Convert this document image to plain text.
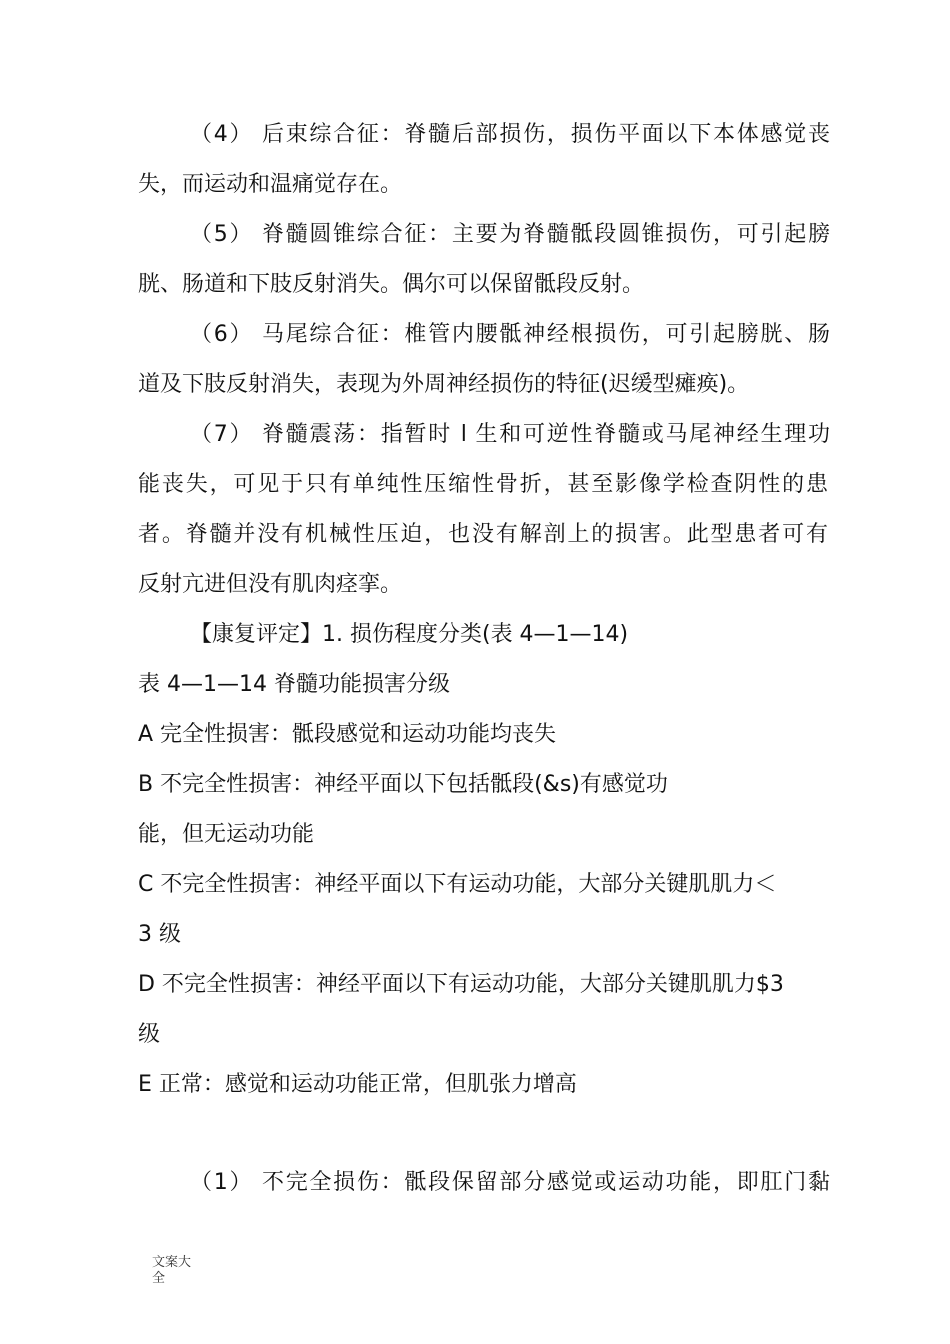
（4） 后束综合征：脊髓后部损伤，损伤平面以下本体感觉丧
失，而运动和温痛觉存在。
（5） 脊髓圆锥综合征：主要为脊髓骶段圆锥损伤，可引起膀
胱、肠道和下肢反射消失。偶尔可以保留骶段反射。
（6） 马尾综合征：椎管内腰骶神经根损伤，可引起膀胱、肠
道及下肢反射消失，表现为外周神经损伤的特征(迟缓型瘫痪)。
（7） 脊髓震荡：指暂时 l 生和可逆性脊髓或马尾神经生理功
能丧失，可见于只有单纯性压缩性骨折，甚至影像学检查阴性的患
者。脊髓并没有机械性压迫，也没有解剖上的损害。此型患者可有
反射亢进但没有肌肉痉挛。
【康复评定】1. 损伤程度分类(表 4—1—14)
表 4—1—14 脊髓功能损害分级
A 完全性损害：骶段感觉和运动功能均丧失
B 不完全性损害：神经平面以下包括骶段(&s)有感觉功
能，但无运动功能
C 不完全性损害：神经平面以下有运动功能，大部分关键肌肌力＜
3 级
D 不完全性损害：神经平面以下有运动功能，大部分关键肌肌力$3
级
E 正常：感觉和运动功能正常，但肌张力增高
（1） 不完全损伤：骶段保留部分感觉或运动功能，即肛门黏
文案大全
